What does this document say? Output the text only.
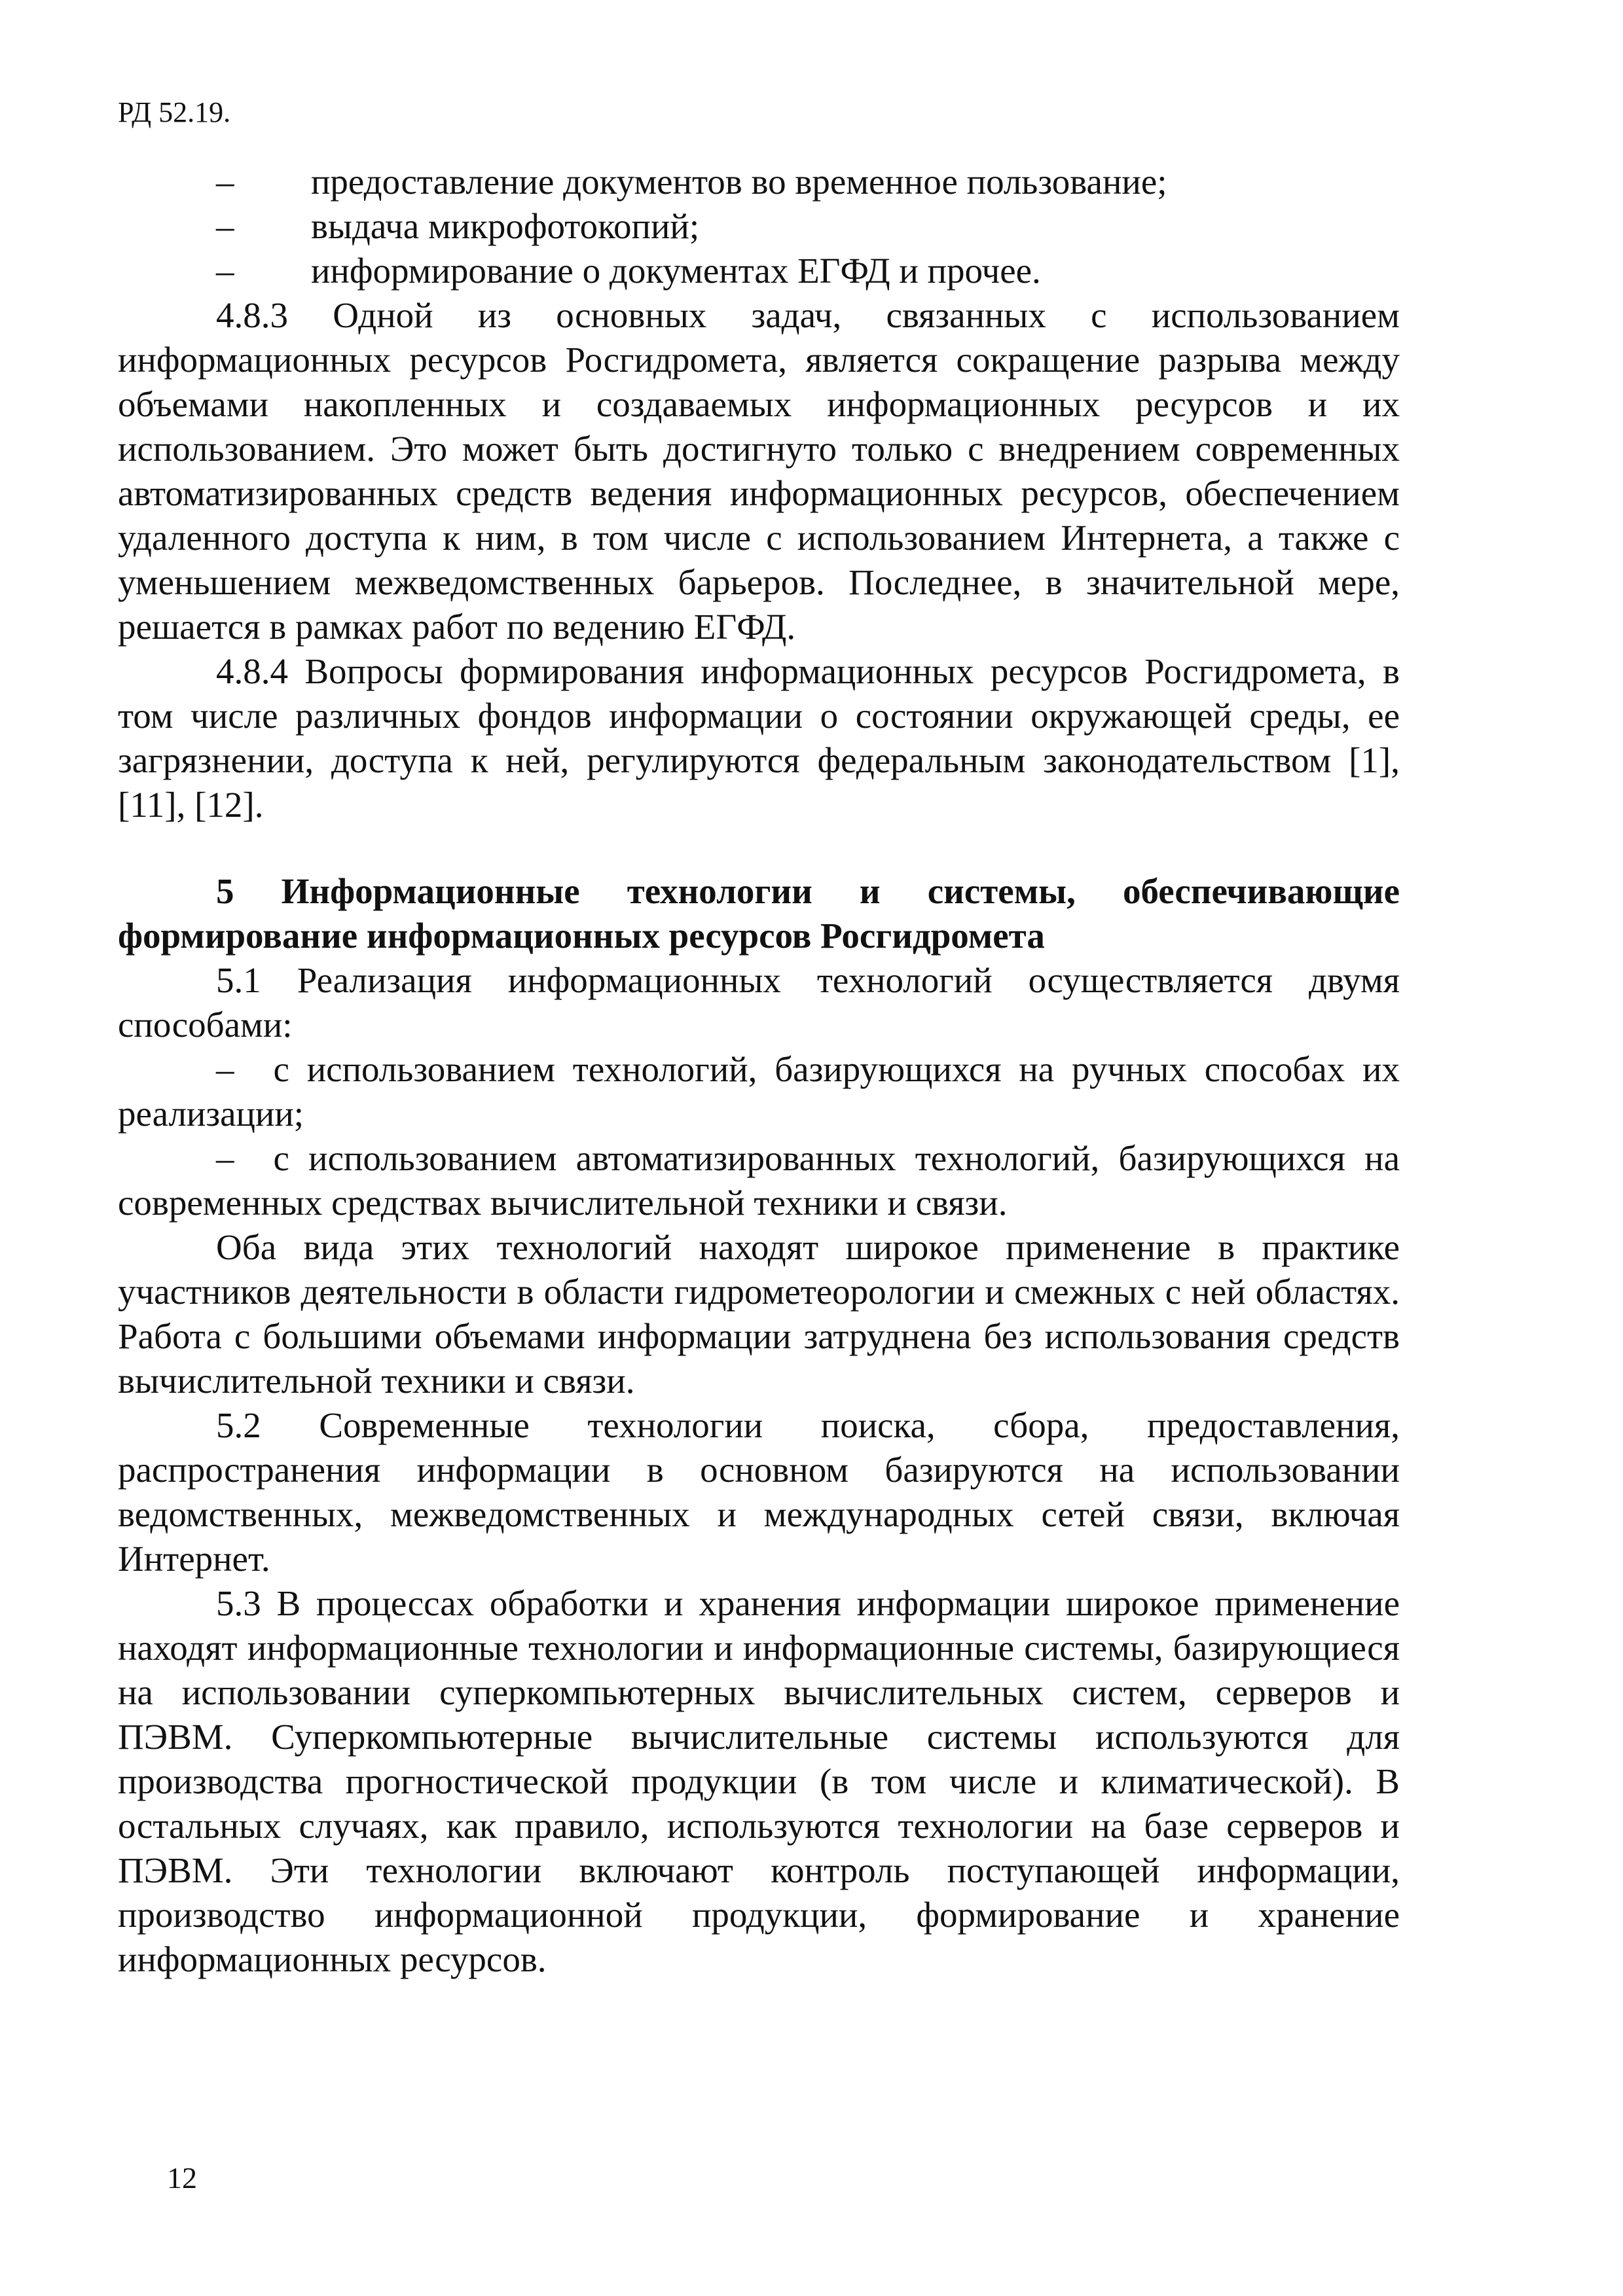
РД 52.19.
–	предоставление документов во временное пользование;
–	выдача микрофотокопий;
–	информирование о документах ЕГФД и прочее.

4.8.3 Одной из основных задач, связанных с использованием информационных ресурсов Росгидромета, является сокращение разрыва между объемами накопленных и создаваемых информационных ресурсов и их использованием. Это может быть достигнуто только с внедрением современных автоматизированных средств ведения информационных ресурсов, обеспечением удаленного доступа к ним, в том числе с использованием Интернета, а также с уменьшением межведомственных барьеров. Последнее, в значительной мере, решается в рамках работ по ведению ЕГФД.

4.8.4 Вопросы формирования информационных ресурсов Росгидромета, в том числе различных фондов информации о состоянии окружающей среды, ее загрязнении, доступа к ней, регулируются федеральным законодательством [1], [11], [12].

5 Информационные технологии и системы, обеспечивающие формирование информационных ресурсов Росгидромета

5.1 Реализация информационных технологий осуществляется двумя способами:

– с использованием технологий, базирующихся на ручных способах их реализации;

– с использованием автоматизированных технологий, базирующихся на современных средствах вычислительной техники и связи.

Оба вида этих технологий находят широкое применение в практике участников деятельности в области гидрометеорологии и смежных с ней областях. Работа с большими объемами информации затруднена без использования средств вычислительной техники и связи.

5.2 Современные технологии поиска, сбора, предоставления, распространения информации в основном базируются на использовании ведомственных, межведомственных и международных сетей связи, включая Интернет.

5.3 В процессах обработки и хранения информации широкое применение находят информационные технологии и информационные системы, базирующиеся на использовании суперкомпьютерных вычислительных систем, серверов и ПЭВМ. Суперкомпьютерные вычислительные системы используются для производства прогностической продукции (в том числе и климатической). В остальных случаях, как правило, используются технологии на базе серверов и ПЭВМ. Эти технологии включают контроль поступающей информации, производство информационной продукции, формирование и хранение информационных ресурсов.

12
